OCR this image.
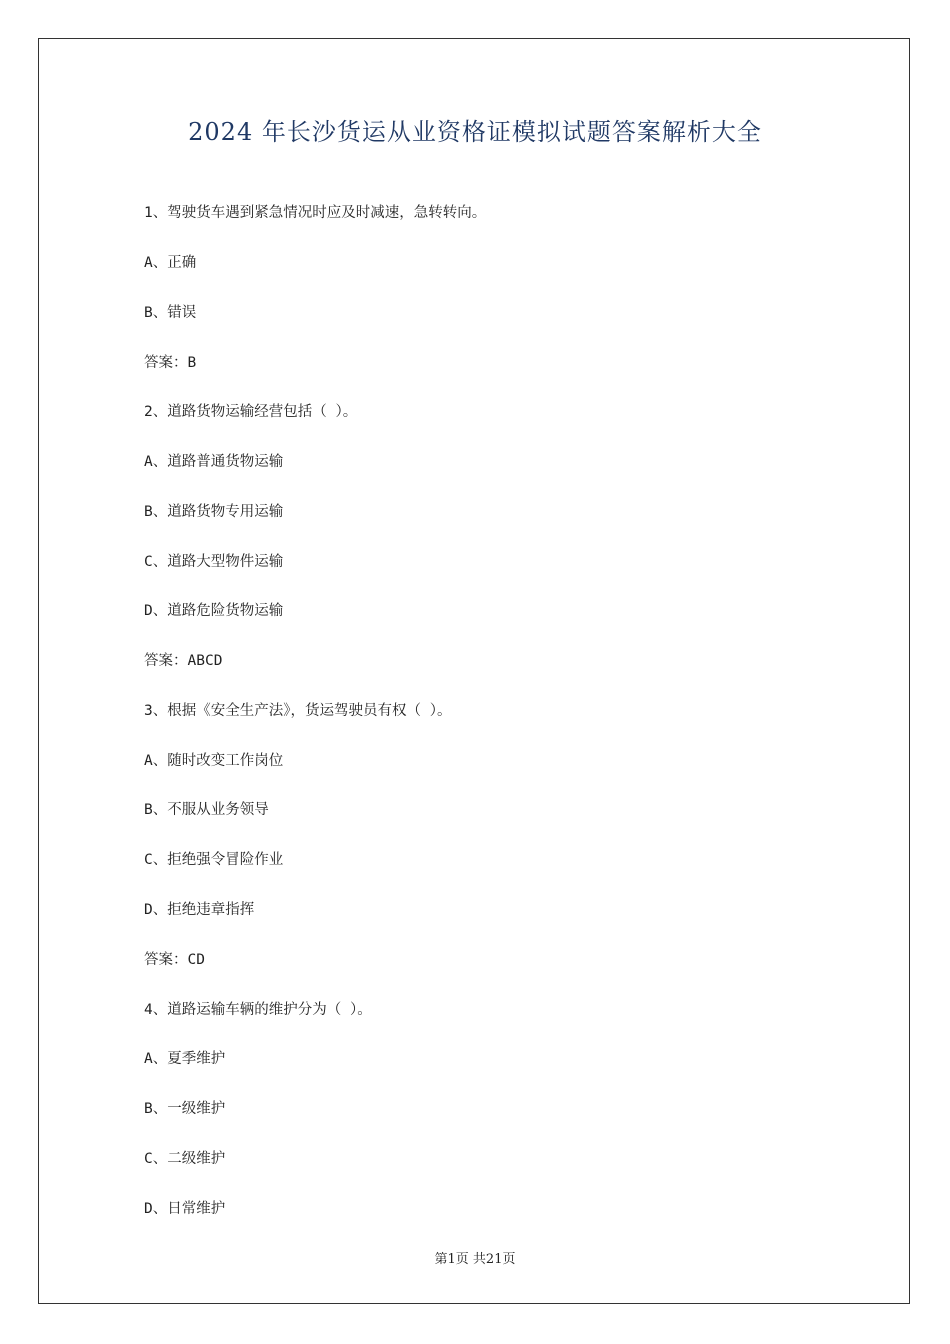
2024 年长沙货运从业资格证模拟试题答案解析大全
1、驾驶货车遇到紧急情况时应及时减速，急转转向。
A、正确
B、错误
答案：B
2、道路货物运输经营包括（ ）。
A、道路普通货物运输
B、道路货物专用运输
C、道路大型物件运输
D、道路危险货物运输
答案：ABCD
3、根据《安全生产法》，货运驾驶员有权（ ）。
A、随时改变工作岗位
B、不服从业务领导
C、拒绝强令冒险作业
D、拒绝违章指挥
答案：CD
4、道路运输车辆的维护分为（ ）。
A、夏季维护
B、一级维护
C、二级维护
D、日常维护
第1页 共21页
